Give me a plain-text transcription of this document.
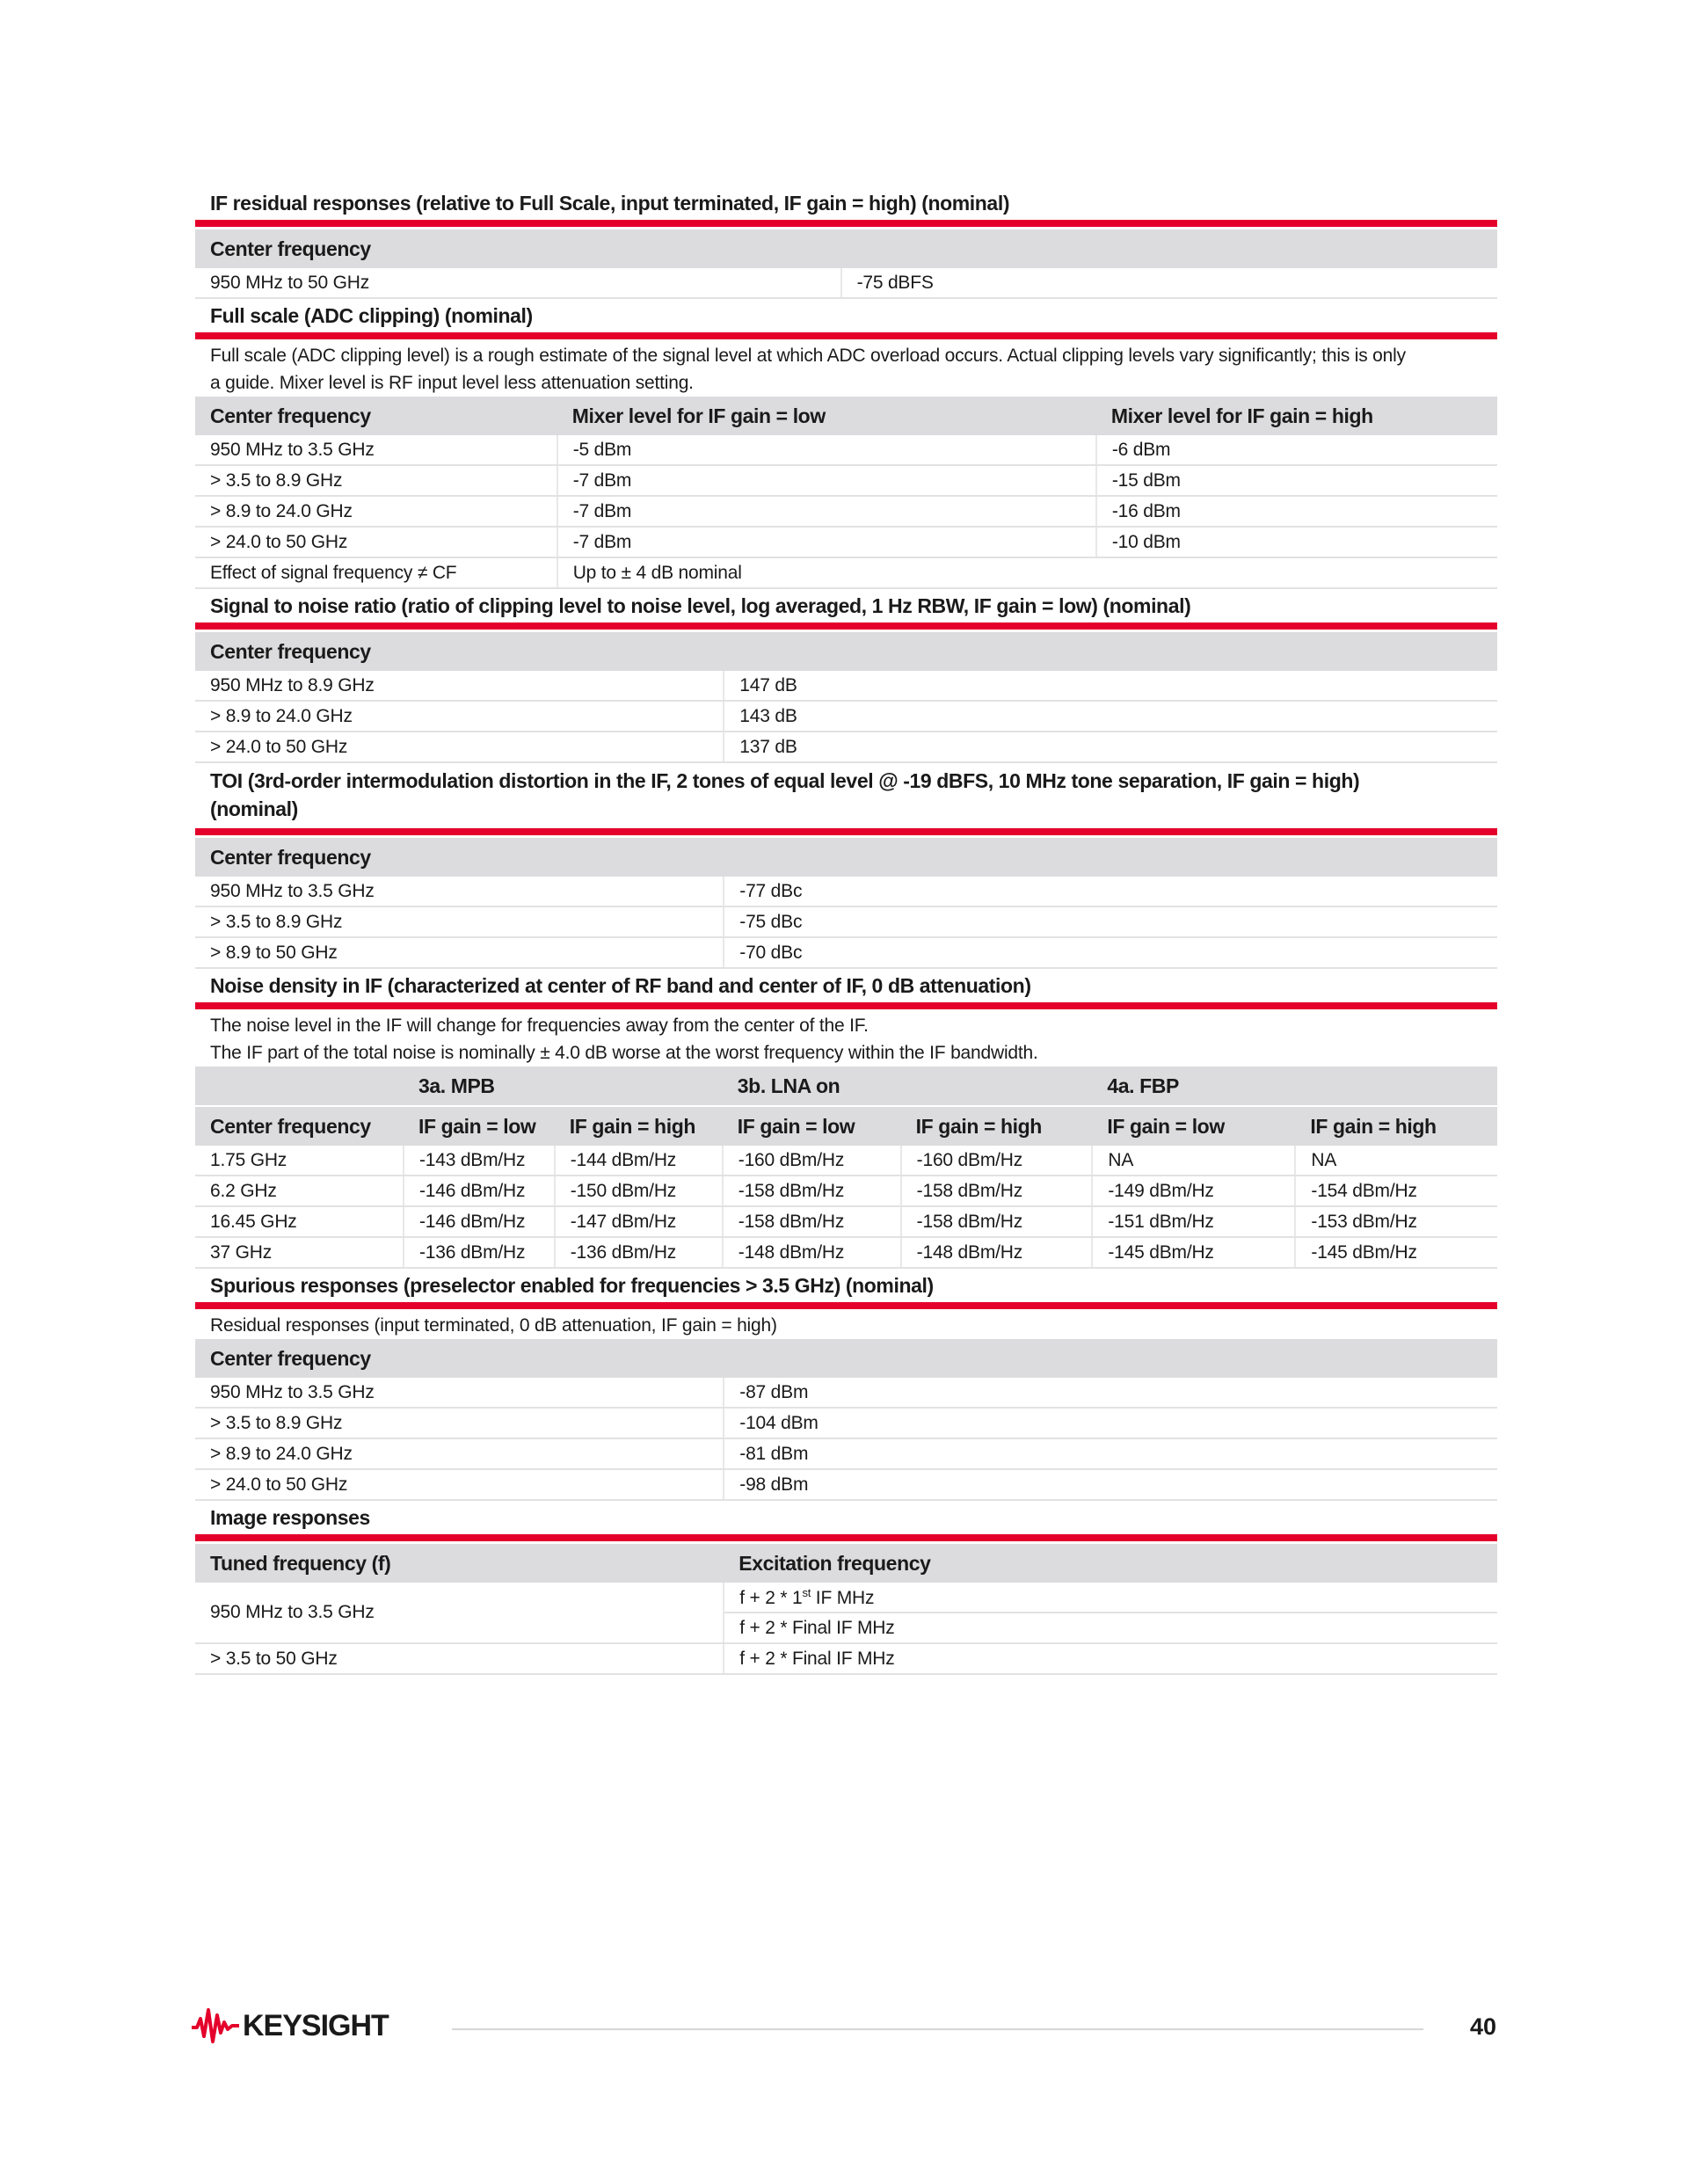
IF residual responses (relative to Full Scale, input terminated, IF gain = high) (nominal)
Center frequency	
950 MHz to 50 GHz	-75 dBFS
Full scale (ADC clipping) (nominal)
Full scale (ADC clipping level) is a rough estimate of the signal level at which ADC overload occurs. Actual clipping levels vary significantly; this is only
a guide. Mixer level is RF input level less attenuation setting.
Center frequency	Mixer level for IF gain = low	Mixer level for IF gain = high
950 MHz to 3.5 GHz	-5 dBm	-6 dBm
> 3.5 to 8.9 GHz	-7 dBm	-15 dBm
> 8.9 to 24.0 GHz	-7 dBm	-16 dBm
> 24.0 to 50 GHz	-7 dBm	-10 dBm
Effect of signal frequency ≠ CF	Up to ± 4 dB nominal	
Signal to noise ratio (ratio of clipping level to noise level, log averaged, 1 Hz RBW, IF gain = low) (nominal)
Center frequency	
950 MHz to 8.9 GHz	147 dB
> 8.9 to 24.0 GHz	143 dB
> 24.0 to 50 GHz	137 dB
TOI (3rd-order intermodulation distortion in the IF, 2 tones of equal level @ -19 dBFS, 10 MHz tone separation, IF gain = high)
(nominal)
Center frequency	
950 MHz to 3.5 GHz	-77 dBc
> 3.5 to 8.9 GHz	-75 dBc
> 8.9 to 50 GHz	-70 dBc
Noise density in IF (characterized at center of RF band and center of IF, 0 dB attenuation)
The noise level in the IF will change for frequencies away from the center of the IF.
The IF part of the total noise is nominally ± 4.0 dB worse at the worst frequency within the IF bandwidth.
	3a. MPB		3b. LNA on		4a. FBP	
Center frequency	IF gain = low	IF gain = high	IF gain = low	IF gain = high	IF gain = low	IF gain = high
1.75 GHz	-143 dBm/Hz	-144 dBm/Hz	-160 dBm/Hz	-160 dBm/Hz	NA	NA
6.2 GHz	-146 dBm/Hz	-150 dBm/Hz	-158 dBm/Hz	-158 dBm/Hz	-149 dBm/Hz	-154 dBm/Hz
16.45 GHz	-146 dBm/Hz	-147 dBm/Hz	-158 dBm/Hz	-158 dBm/Hz	-151 dBm/Hz	-153 dBm/Hz
37 GHz	-136 dBm/Hz	-136 dBm/Hz	-148 dBm/Hz	-148 dBm/Hz	-145 dBm/Hz	-145 dBm/Hz
Spurious responses (preselector enabled for frequencies > 3.5 GHz) (nominal)
Residual responses (input terminated, 0 dB attenuation, IF gain = high)
Center frequency	
950 MHz to 3.5 GHz	-87 dBm
> 3.5 to 8.9 GHz	-104 dBm
> 8.9 to 24.0 GHz	-81 dBm
> 24.0 to 50 GHz	-98 dBm
Image responses
Tuned frequency (f)	Excitation frequency
950 MHz to 3.5 GHz	f + 2 * 1st IF MHz
	f + 2 * Final IF MHz
> 3.5 to 50 GHz	f + 2 * Final IF MHz
KEYSIGHT	40
